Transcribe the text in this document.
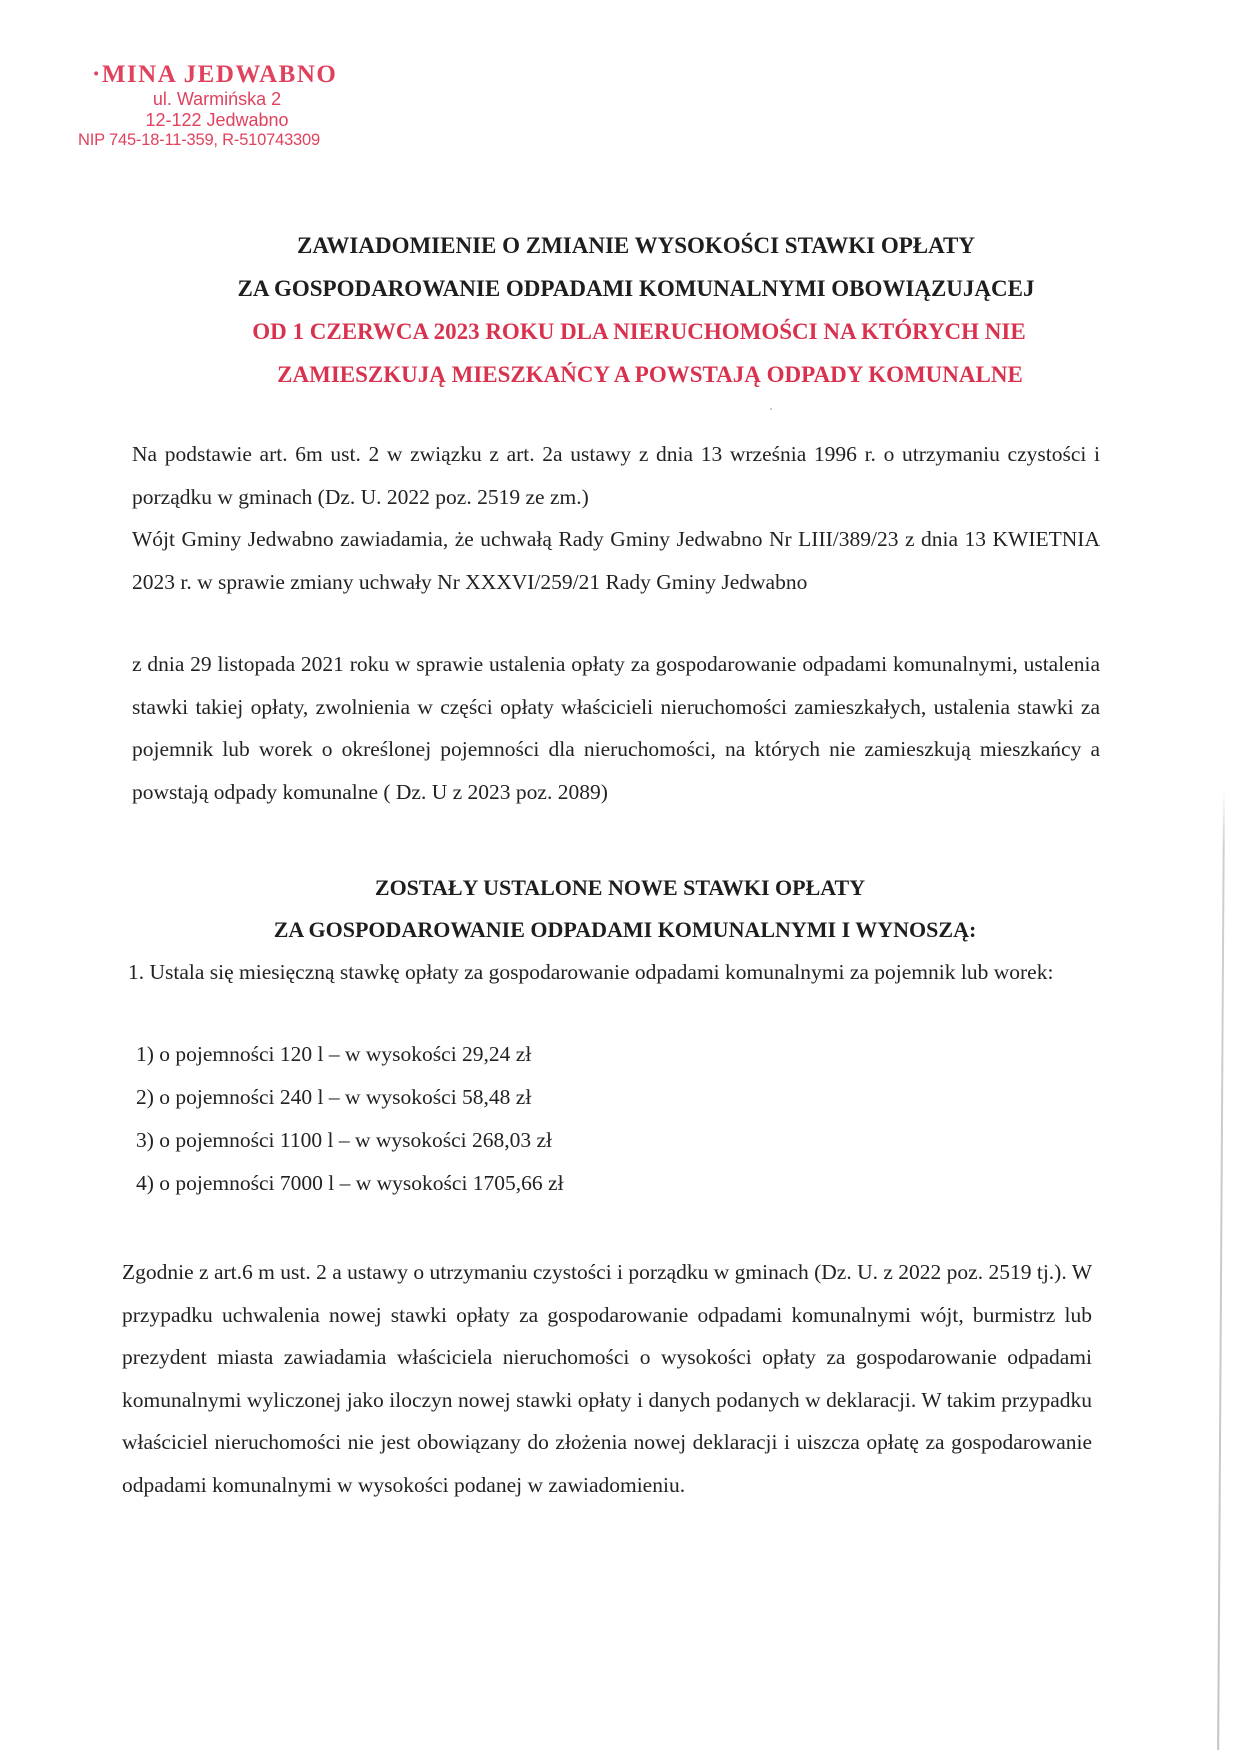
·MINA JEDWABNO
ul. Warmińska 2
12-122 Jedwabno
NIP 745-18-11-359, R-510743309
ZAWIADOMIENIE O ZMIANIE WYSOKOŚCI STAWKI OPŁATY
ZA GOSPODAROWANIE ODPADAMI KOMUNALNYMI OBOWIĄZUJĄCEJ
OD 1 CZERWCA 2023 ROKU DLA NIERUCHOMOŚCI NA KTÓRYCH NIE
ZAMIESZKUJĄ MIESZKAŃCY A POWSTAJĄ ODPADY KOMUNALNE

Na podstawie art. 6m ust. 2 w związku z art. 2a ustawy z dnia 13 września 1996 r. o utrzymaniu czystości i porządku w gminach (Dz. U. 2022 poz. 2519 ze zm.)

Wójt Gminy Jedwabno zawiadamia, że uchwałą Rady Gminy Jedwabno Nr LIII/389/23 z dnia 13 KWIETNIA 2023 r. w sprawie zmiany uchwały Nr XXXVI/259/21 Rady Gminy Jedwabno

z dnia 29 listopada 2021 roku w sprawie ustalenia opłaty za gospodarowanie odpadami komunalnymi, ustalenia stawki takiej opłaty, zwolnienia w części opłaty właścicieli nieruchomości zamieszkałych, ustalenia stawki za pojemnik lub worek o określonej pojemności dla nieruchomości, na których nie zamieszkują mieszkańcy a powstają odpady komunalne ( Dz. U z 2023 poz. 2089)

ZOSTAŁY USTALONE NOWE STAWKI OPŁATY
ZA GOSPODAROWANIE ODPADAMI KOMUNALNYMI I WYNOSZĄ:

1. Ustala się miesięczną stawkę opłaty za gospodarowanie odpadami komunalnymi za pojemnik lub worek:

1) o pojemności 120 l – w wysokości 29,24 zł
2) o pojemności 240 l – w wysokości 58,48 zł
3) o pojemności 1100 l – w wysokości 268,03 zł
4) o pojemności 7000 l – w wysokości 1705,66 zł

Zgodnie z art.6 m ust. 2 a ustawy o utrzymaniu czystości i porządku w gminach (Dz. U. z 2022 poz. 2519 tj.). W przypadku uchwalenia nowej stawki opłaty za gospodarowanie odpadami komunalnymi wójt, burmistrz lub prezydent miasta zawiadamia właściciela nieruchomości o wysokości opłaty za gospodarowanie odpadami komunalnymi wyliczonej jako iloczyn nowej stawki opłaty i danych podanych w deklaracji. W takim przypadku właściciel nieruchomości nie jest obowiązany do złożenia nowej deklaracji i uiszcza opłatę za gospodarowanie odpadami komunalnymi w wysokości podanej w zawiadomieniu.
